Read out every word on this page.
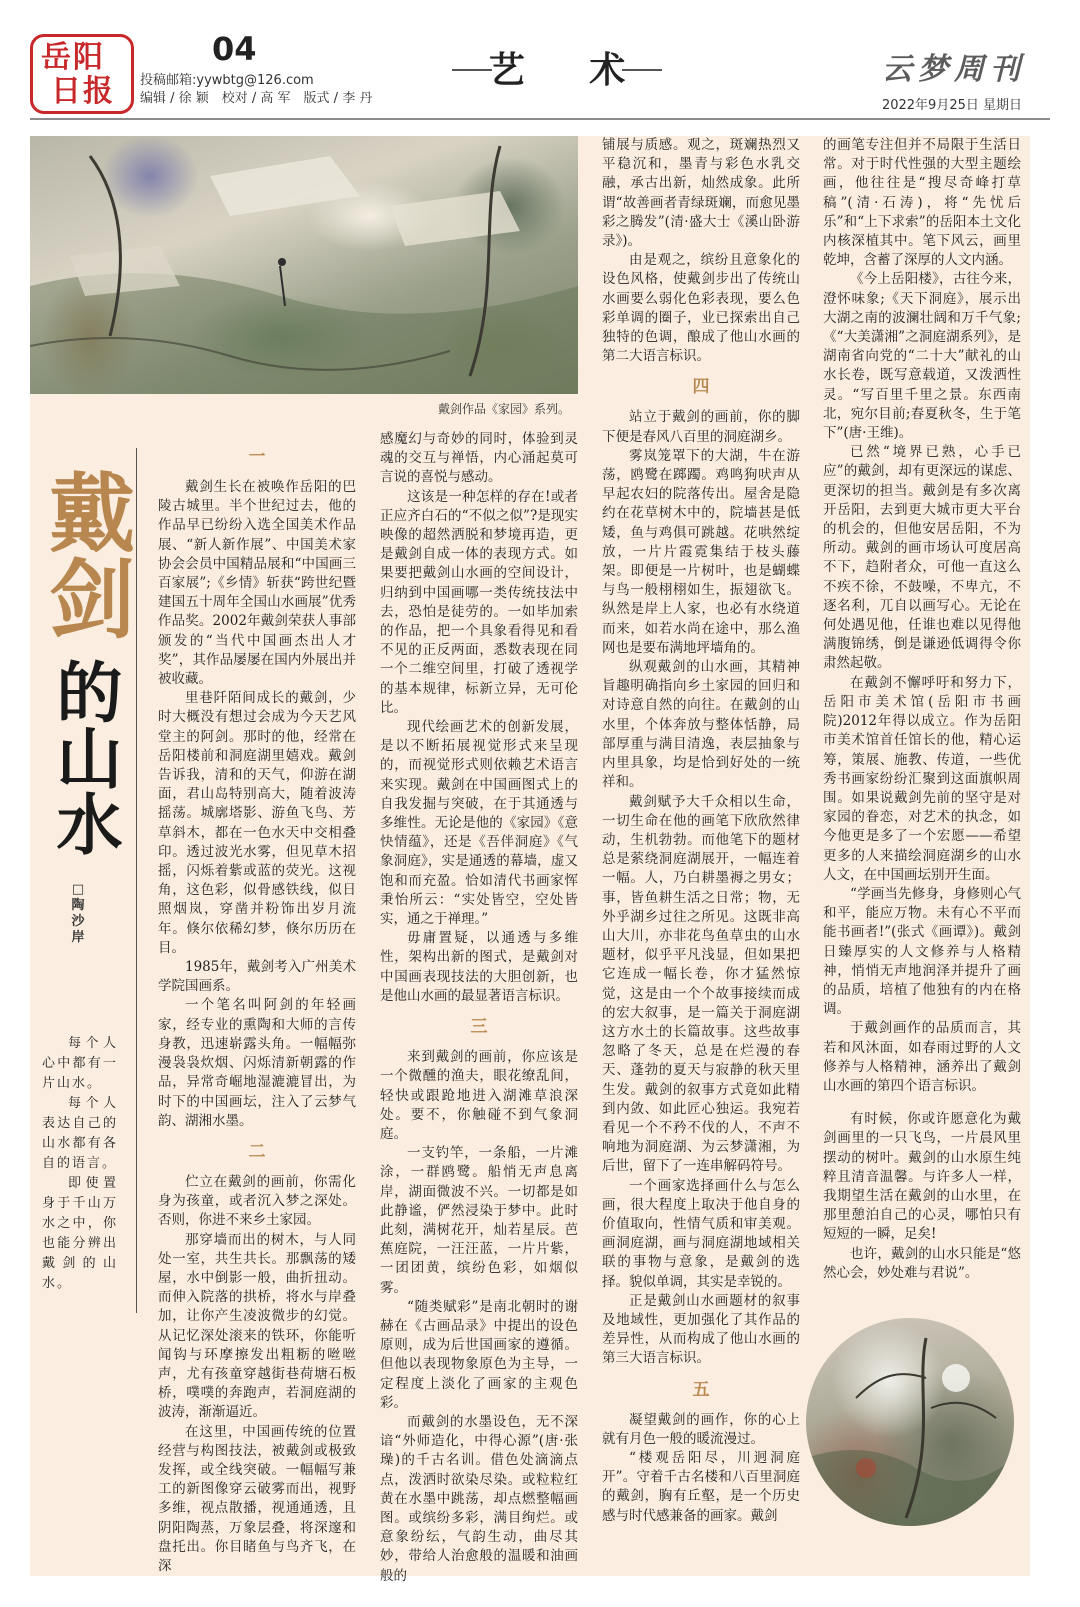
岳阳
日报
04
投稿邮箱:yywbtg@126.com
编辑 / 徐 颖　校对 / 高 军　版式 / 李 丹
艺 术	云梦周刊
2022年9月25日 星期日
戴剑作品《家园》系列。
戴剑
的山水
□陶沙岸

每个人心中都有一片山水。

每个人表达自己的山水都有各自的语言。

即使置身于千山万水之中，你也能分辨出戴剑的山水。

一

戴剑生长在被唤作岳阳的巴陵古城里。半个世纪过去，他的作品早已纷纷入选全国美术作品展、“新人新作展”、中国美术家协会会员中国精品展和“中国画三百家展”;《乡情》斩获“跨世纪暨建国五十周年全国山水画展”优秀作品奖。2002年戴剑荣获人事部颁发的“当代中国画杰出人才奖”，其作品屡屡在国内外展出并被收藏。

里巷阡陌间成长的戴剑，少时大概没有想过会成为今天艺风堂主的阿剑。那时的他，经常在岳阳楼前和洞庭湖里嬉戏。戴剑告诉我，清和的天气，仰游在湖面，君山岛特别高大，随着波涛摇荡。城廓塔影、游鱼飞鸟、芳草斜木，都在一色水天中交相叠印。透过波光水雾，但见草木招摇，闪烁着紫或蓝的荧光。这视角，这色彩，似骨感铁线，似日照烟岚，穿凿并粉饰出岁月流年。倏尔依稀幻梦，倏尔历历在目。

1985年，戴剑考入广州美术学院国画系。

一个笔名叫阿剑的年轻画家，经专业的熏陶和大师的言传身教，迅速崭露头角。一幅幅弥漫袅袅炊烟、闪烁清新朝露的作品，异常奇崛地湿漉漉冒出，为时下的中国画坛，注入了云梦气韵、湖湘水墨。

二

伫立在戴剑的画前，你需化身为孩童，或者沉入梦之深处。否则，你进不来乡土家园。

那穿墙而出的树木，与人同处一室，共生共长。那飘荡的矮屋，水中倒影一般，曲折扭动。而伸入院落的拱桥，将水与岸叠加，让你产生凌波微步的幻觉。从记忆深处滚来的铁环，你能听闻钩与环摩擦发出粗粝的咝咝声，尤有孩童穿越街巷荷塘石板桥，噗噗的奔跑声，若洞庭湖的波涛，渐渐逼近。

在这里，中国画传统的位置经营与构图技法，被戴剑或极致发挥，或全线突破。一幅幅写兼工的新图像穿云破雾而出，视野多维，视点散播，视通通透，且阴阳陶蒸，万象层叠，将深邃和盘托出。你目睹鱼与鸟齐飞，在深

感魔幻与奇妙的同时，体验到灵魂的交互与禅悟，内心涌起莫可言说的喜悦与感动。

这该是一种怎样的存在!或者正应齐白石的“不似之似”?是现实映像的超然洒脱和梦境再造，更是戴剑自成一体的表现方式。如果要把戴剑山水画的空间设计，归纳到中国画哪一类传统技法中去，恐怕是徒劳的。一如毕加索的作品，把一个具象看得见和看不见的正反两面，悉数表现在同一个二维空间里，打破了透视学的基本规律，标新立异，无可伦比。

现代绘画艺术的创新发展，是以不断拓展视觉形式来呈现的，而视觉形式则依赖艺术语言来实现。戴剑在中国画图式上的自我发掘与突破，在于其通透与多维性。无论是他的《家园》《意快情蕴》，还是《吾伴洞庭》《气象洞庭》，实是通透的幕墙，虚又饱和而充盈。恰如清代书画家恽秉怡所云：“实处皆空，空处皆实，通之于禅理。”

毋庸置疑，以通透与多维性，架构出新的图式，是戴剑对中国画表现技法的大胆创新，也是他山水画的最显著语言标识。

三

来到戴剑的画前，你应该是一个微醺的渔夫，眼花缭乱间，轻快或跟跄地进入湖滩草浪深处。要不，你触碰不到气象洞庭。

一支钓竿，一条船，一片滩涂，一群鸥鹭。船悄无声息离岸，湖面微波不兴。一切都是如此静谧，俨然浸染于梦中。此时此刻，满树花开，灿若星辰。芭蕉庭院，一汪汪蓝，一片片紫，一团团黄，缤纷色彩，如烟似雾。

“随类赋彩”是南北朝时的谢赫在《古画品录》中提出的设色原则，成为后世国画家的遵循。但他以表现物象原色为主导，一定程度上淡化了画家的主观色彩。

而戴剑的水墨设色，无不深谙“外师造化，中得心源”(唐·张璪)的千古名训。借色处滴滴点点，泼洒时欲染尽染。或粒粒红黄在水墨中跳荡，却点燃整幅画图。或缤纷多彩，满目绚烂。或意象纷纭，气韵生动，曲尽其妙，带给人治愈般的温暖和油画般的

铺展与质感。观之，斑斓热烈又平稳沉和，墨青与彩色水乳交融，承古出新，灿然成象。此所谓“故善画者青绿斑斓，而愈见墨彩之腾发”(清·盛大士《溪山卧游录》)。

由是观之，缤纷且意象化的设色风格，使戴剑步出了传统山水画要么弱化色彩表现，要么色彩单调的圈子，业已探索出自己独特的色调，酿成了他山水画的第二大语言标识。

四

站立于戴剑的画前，你的脚下便是春风八百里的洞庭湖乡。

雾岚笼罩下的大湖，牛在游荡，鸥鹭在踯躅。鸡鸣狗吠声从早起农妇的院落传出。屋舍是隐约在花草树木中的，院墙甚是低矮，鱼与鸡俱可跳越。花哄然绽放，一片片霞霓集结于枝头藤架。即便是一片树叶，也是蝴蝶与鸟一般栩栩如生，振翅欲飞。纵然是岸上人家，也必有水绕道而来，如若水尚在途中，那么渔网也是要布满地坪墙角的。

纵观戴剑的山水画，其精神旨趣明确指向乡土家园的回归和对诗意自然的向往。在戴剑的山水里，个体奔放与整体恬静，局部厚重与满目清逸，表层抽象与内里具象，均是恰到好处的一统祥和。

戴剑赋予大千众相以生命，一切生命在他的画笔下欣欣然律动，生机勃勃。而他笔下的题材总是萦绕洞庭湖展开，一幅连着一幅。人，乃白耕墨褥之男女；事，皆鱼耕生活之日常；物，无外乎湖乡过往之所见。这既非高山大川，亦非花鸟鱼草虫的山水题材，似乎平凡浅显，但如果把它连成一幅长卷，你才猛然惊觉，这是由一个个故事接续而成的宏大叙事，是一篇关于洞庭湖这方水土的长篇故事。这些故事忽略了冬天，总是在烂漫的春天、蓬勃的夏天与寂静的秋天里生发。戴剑的叙事方式竟如此精到内敛、如此匠心独运。我宛若看见一个不矜不伐的人，不声不响地为洞庭湖、为云梦潇湘，为后世，留下了一连串解码符号。

一个画家选择画什么与怎么画，很大程度上取决于他自身的价值取向，性情气质和审美观。画洞庭湖，画与洞庭湖地域相关联的事物与意象，是戴剑的选择。貌似单调，其实是幸锐的。

正是戴剑山水画题材的叙事及地域性，更加强化了其作品的差异性，从而构成了他山水画的第三大语言标识。

五

凝望戴剑的画作，你的心上就有月色一般的暖流漫过。

“楼观岳阳尽，川迥洞庭开”。守着千古名楼和八百里洞庭的戴剑，胸有丘壑，是一个历史感与时代感兼备的画家。戴剑

的画笔专注但并不局限于生活日常。对于时代性强的大型主题绘画，他往往是“搜尽奇峰打草稿”(清·石涛)，将“先忧后乐”和“上下求索”的岳阳本土文化内核深植其中。笔下风云，画里乾坤，含蓄了深厚的人文内涵。

《今上岳阳楼》，古往今来，澄怀味象;《天下洞庭》，展示出大湖之南的波澜壮阔和万千气象;《“大美潇湘”之洞庭湖系列》，是湖南省向党的“二十大”献礼的山水长卷，既写意载道，又泼洒性灵。“写百里千里之景。东西南北，宛尔目前;春夏秋冬，生于笔下”(唐·王维)。

已然“境界已熟，心手已应”的戴剑，却有更深远的谋虑、更深切的担当。戴剑是有多次离开岳阳，去到更大城市更大平台的机会的，但他安居岳阳，不为所动。戴剑的画市场认可度居高不下，趋附者众，可他一直这么不疾不徐，不鼓噪，不卑亢，不逐名利，兀自以画写心。无论在何处遇见他，任谁也难以见得他满腹锦绣，倒是谦逊低调得令你肃然起敬。

在戴剑不懈呼吁和努力下，岳阳市美术馆(岳阳市书画院)2012年得以成立。作为岳阳市美术馆首任馆长的他，精心运筹，策展、施教、传道，一些优秀书画家纷纷汇聚到这面旗帜周围。如果说戴剑先前的坚守是对家园的眷恋，对艺术的执念，如今他更是多了一个宏愿——希望更多的人来描绘洞庭湖乡的山水人文，在中国画坛别开生面。

“学画当先修身，身修则心气和平，能应万物。未有心不平而能书画者!”(张式《画谭》)。戴剑日臻厚实的人文修养与人格精神，悄悄无声地润泽并提升了画的品质，培植了他独有的内在格调。

于戴剑画作的品质而言，其若和风沐面，如春雨过野的人文修养与人格精神，涵养出了戴剑山水画的第四个语言标识。

有时候，你或许愿意化为戴剑画里的一只飞鸟，一片晨风里摆动的树叶。戴剑的山水原生纯粹且清音温馨。与许多人一样，我期望生活在戴剑的山水里，在那里憩泊自己的心灵，哪怕只有短短的一瞬，足矣!

也许，戴剑的山水只能是“悠然心会，妙处难与君说”。
